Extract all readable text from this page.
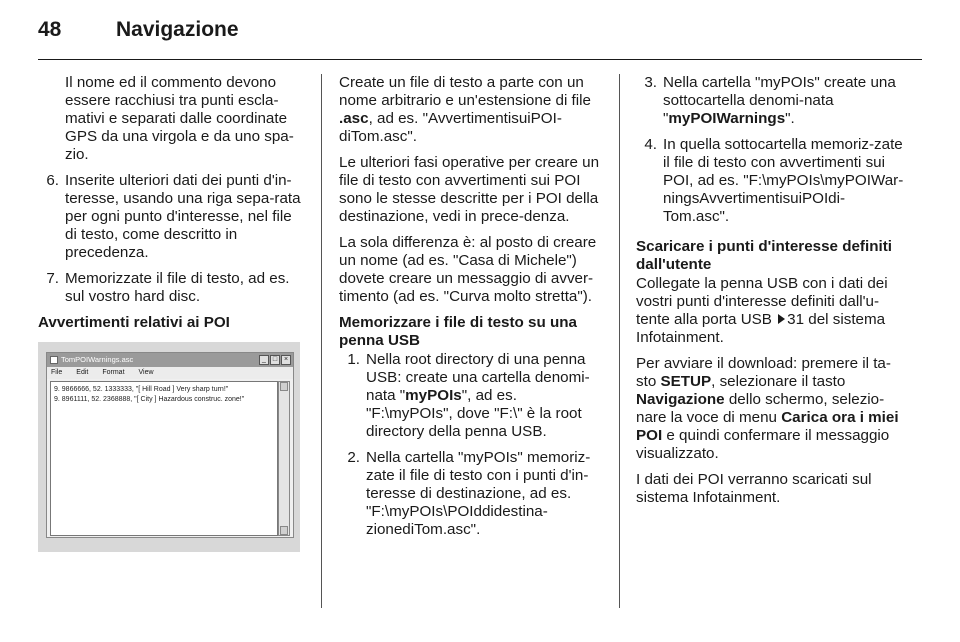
48	Navigazione

Il nome ed il commento devono essere racchiusi tra punti escla-mativi e separati dalle coordinate GPS da una virgola e da uno spa-zio.

6. Inserite ulteriori dati dei punti d'in-teresse, usando una riga sepa-rata per ogni punto d'interesse, nel file di testo, come descritto in precedenza.
7. Memorizzate il file di testo, ad es. sul vostro hard disc.
Avvertimenti relativi ai POI
TomPOIWarnings.asc	_ □ ×
File Edit Format View
9. 9866666, 52. 1333333, "[ Hill Road ] Very sharp turn!"
9. 8961111, 52. 2368888, "[ City ] Hazardous construc. zone!"

Create un file di testo a parte con un nome arbitrario e un'estensione di file .asc, ad es. "AvvertimentisuiPOI-diTom.asc".

Le ulteriori fasi operative per creare un file di testo con avvertimenti sui POI sono le stesse descritte per i POI della destinazione, vedi in prece-denza.

La sola differenza è: al posto di creare un nome (ad es. "Casa di Michele") dovete creare un messaggio di avver-timento (ad es. "Curva molto stretta").

Memorizzare i file di testo su una penna USB
1. Nella root directory di una penna USB: create una cartella denomi-nata "myPOIs", ad es. "F:\myPOIs", dove "F:\" è la root directory della penna USB.
2. Nella cartella "myPOIs" memoriz-zate il file di testo con i punti d'in-teresse di destinazione, ad es. "F:\myPOIs\POIddidestina-zionediTom.asc".
3. Nella cartella "myPOIs" create una sottocartella denomi-nata "myPOIWarnings".
4. In quella sottocartella memoriz-zate il file di testo con avvertimenti sui POI, ad es. "F:\myPOIs\myPOIWar-ningsAvvertimentisuiPOIdi-Tom.asc".
Scaricare i punti d'interesse definiti dall'utente

Collegate la penna USB con i dati dei vostri punti d'interesse definiti dall'u-tente alla porta USB 31 del sistema Infotainment.

Per avviare il download: premere il ta-sto SETUP, selezionare il tasto Navigazione dello schermo, selezio-nare la voce di menu Carica ora i miei POI e quindi confermare il messaggio visualizzato.

I dati dei POI verranno scaricati sul sistema Infotainment.
